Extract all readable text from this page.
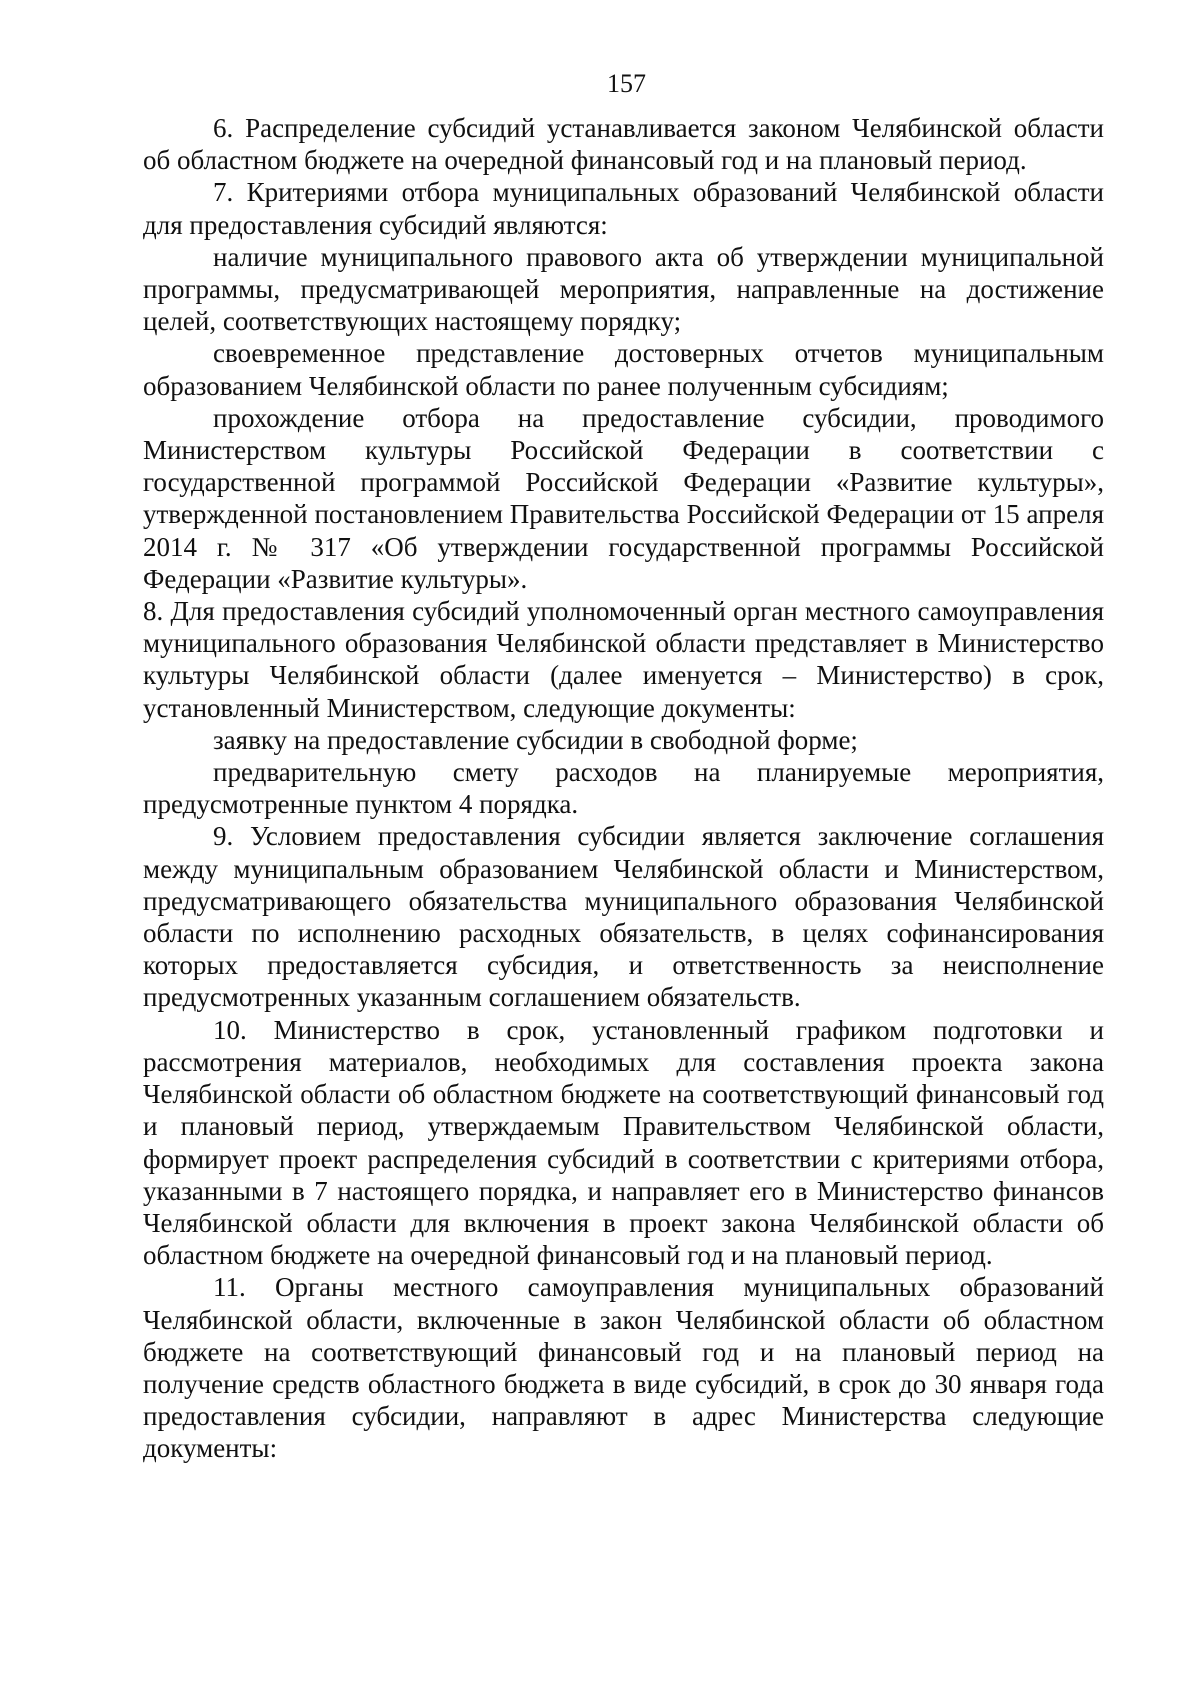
157

6. Распределение субсидий устанавливается законом Челябинской области об областном бюджете на очередной финансовый год и на плановый период.

7. Критериями отбора муниципальных образований Челябинской области для предоставления субсидий являются:

наличие муниципального правового акта об утверждении муниципальной программы, предусматривающей мероприятия, направленные на достижение целей, соответствующих настоящему порядку;

своевременное представление достоверных отчетов муниципальным образованием Челябинской области по ранее полученным субсидиям;

прохождение отбора на предоставление субсидии, проводимого Министерством культуры Российской Федерации в соответствии с государственной программой Российской Федерации «Развитие культуры», утвержденной постановлением Правительства Российской Федерации от 15 апреля 2014 г. № 317 «Об утверждении государственной программы Российской Федерации «Развитие культуры».

8. Для предоставления субсидий уполномоченный орган местного самоуправления муниципального образования Челябинской области представляет в Министерство культуры Челябинской области (далее именуется – Министерство) в срок, установленный Министерством, следующие документы:

заявку на предоставление субсидии в свободной форме;

предварительную смету расходов на планируемые мероприятия, предусмотренные пунктом 4 порядка.

9. Условием предоставления субсидии является заключение соглашения между муниципальным образованием Челябинской области и Министерством, предусматривающего обязательства муниципального образования Челябинской области по исполнению расходных обязательств, в целях софинансирования которых предоставляется субсидия, и ответственность за неисполнение предусмотренных указанным соглашением обязательств.

10. Министерство в срок, установленный графиком подготовки и рассмотрения материалов, необходимых для составления проекта закона Челябинской области об областном бюджете на соответствующий финансовый год и плановый период, утверждаемым Правительством Челябинской области, формирует проект распределения субсидий в соответствии с критериями отбора, указанными в 7 настоящего порядка, и направляет его в Министерство финансов Челябинской области для включения в проект закона Челябинской области об областном бюджете на очередной финансовый год и на плановый период.

11. Органы местного самоуправления муниципальных образований Челябинской области, включенные в закон Челябинской области об областном бюджете на соответствующий финансовый год и на плановый период на получение средств областного бюджета в виде субсидий, в срок до 30 января года предоставления субсидии, направляют в адрес Министерства следующие документы:
